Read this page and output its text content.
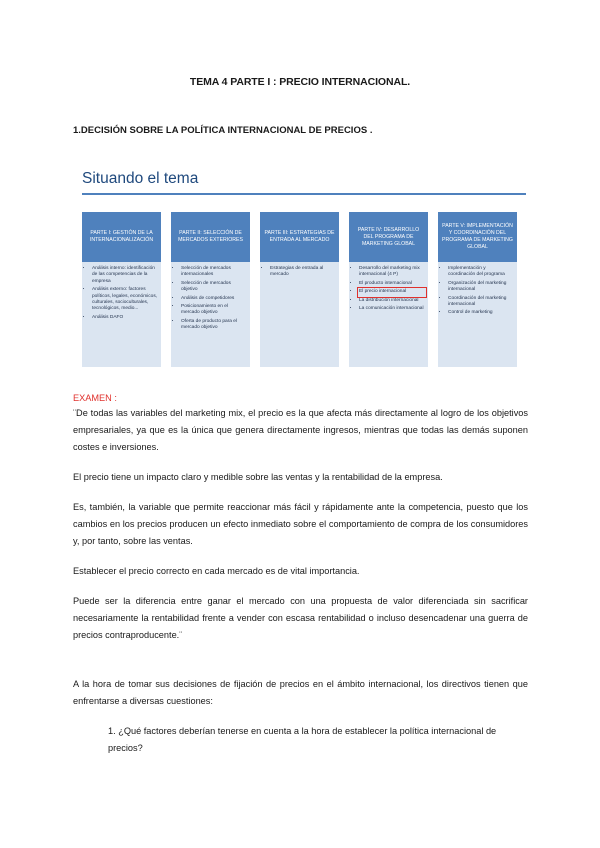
TEMA 4 PARTE I : PRECIO INTERNACIONAL.
1.DECISIÓN SOBRE LA POLÍTICA INTERNACIONAL DE PRECIOS .
Situando el tema
PARTE I: GESTIÓN DE LA INTERNACIONALIZACIÓN
• Análisis interno: identificación de las competencias de la empresa
• Análisis externo: factores políticos, legales, económicos, culturales, socioculturales, tecnológicos, medio...
• Análisis DAFO
PARTE II: SELECCIÓN DE MERCADOS EXTERIORES
• Selección de mercados internacionales
• Selección de mercados objetivo
• Análisis de competidores
• Posicionamiento en el mercado objetivo
• Oferta de producto para el mercado objetivo
PARTE III: ESTRATEGIAS DE ENTRADA AL MERCADO
• Estrategias de entrada al mercado
PARTE IV: DESARROLLO DEL PROGRAMA DE MARKETING GLOBAL
• Desarrollo del marketing mix internacional (4 P)
• El producto internacional
• El precio internacional
• La distribución internacional
• La comunicación internacional
PARTE V: IMPLEMENTACIÓN Y COORDINACIÓN DEL PROGRAMA DE MARKETING GLOBAL
• Implementación y coordinación del programa
• Organización del marketing internacional
• Coordinación del marketing internacional
• Control de marketing
EXAMEN :
¨De todas las variables del marketing mix, el precio es la que afecta más directamente al logro de los objetivos empresariales, ya que es la única que genera directamente ingresos, mientras que todas las demás suponen costes e inversiones.
El precio tiene un impacto claro y medible sobre las ventas y la rentabilidad de la empresa.
Es, también, la variable que permite reaccionar más fácil y rápidamente ante la competencia, puesto que los cambios en los precios producen un efecto inmediato sobre el comportamiento de compra de los consumidores y, por tanto, sobre las ventas.
Establecer el precio correcto en cada mercado es de vital importancia.
Puede ser la diferencia entre ganar el mercado con una propuesta de valor diferenciada sin sacrificar necesariamente la rentabilidad frente a vender con escasa rentabilidad o incluso desencadenar una guerra de precios contraproducente.¨
A la hora de tomar sus decisiones de fijación de precios en el ámbito internacional, los directivos tienen que enfrentarse a diversas cuestiones:
1. ¿Qué factores deberían tenerse en cuenta a la hora de establecer la política internacional de precios?
